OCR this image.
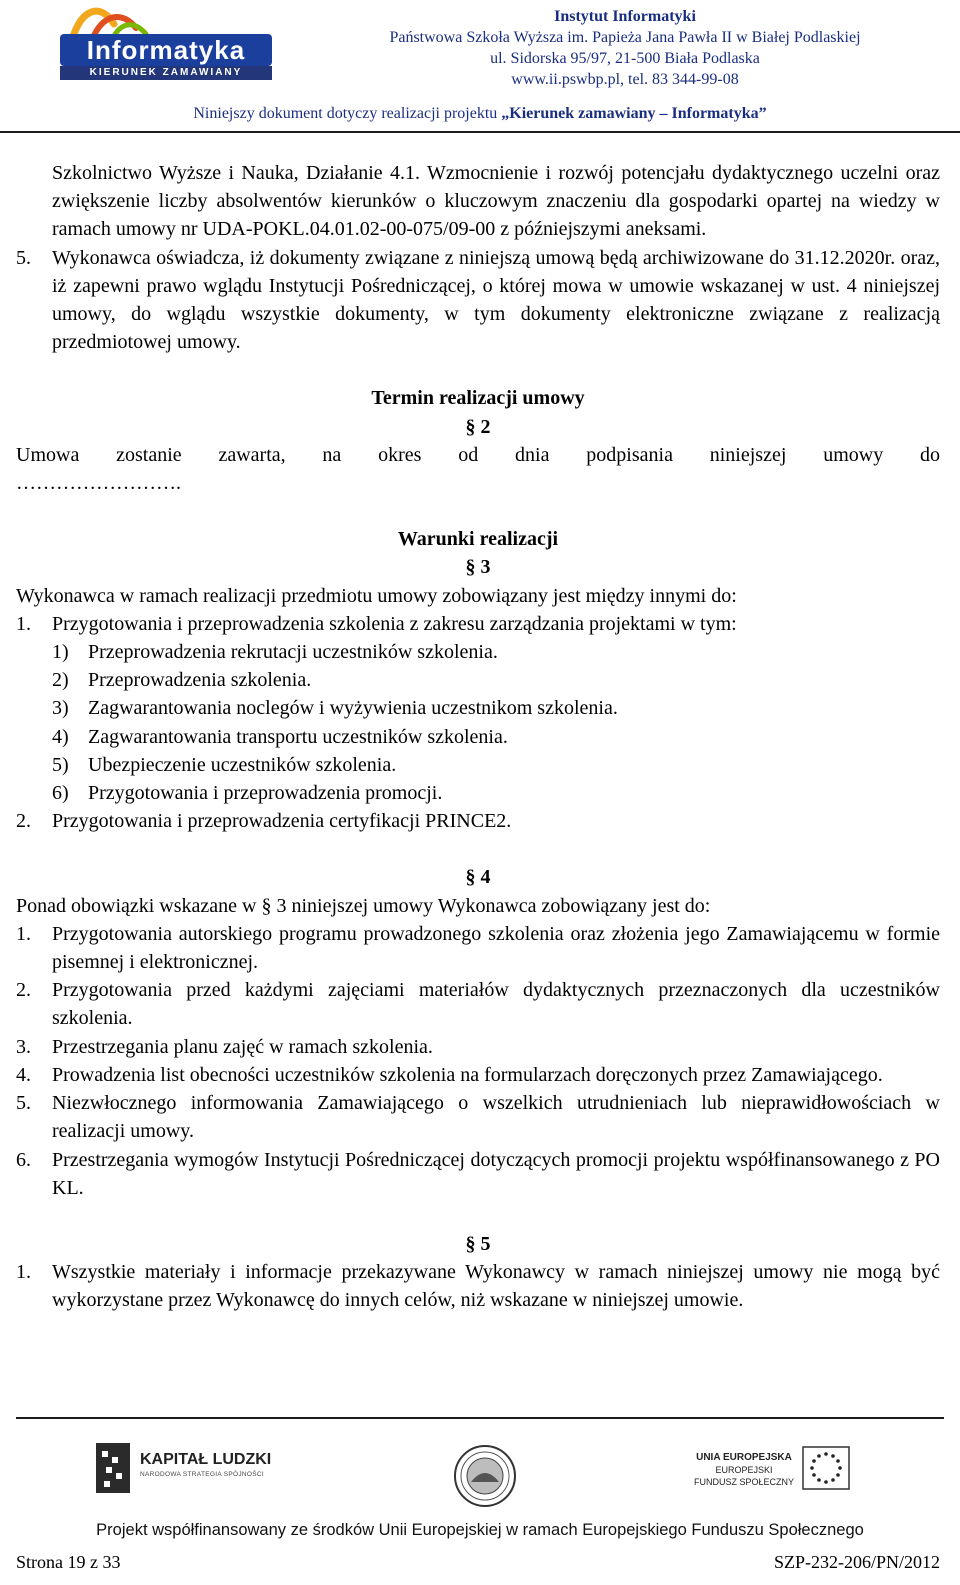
Informatyka
KIERUNEK ZAMAWIANY
Instytut Informatyki
Państwowa Szkoła Wyższa im. Papieża Jana Pawła II w Białej Podlaskiej
ul. Sidorska 95/97, 21-500 Biała Podlaska
www.ii.pswbp.pl, tel. 83 344-99-08
Niniejszy dokument dotyczy realizacji projektu „Kierunek zamawiany – Informatyka”

Szkolnictwo Wyższe i Nauka, Działanie 4.1. Wzmocnienie i rozwój potencjału dydaktycznego uczelni oraz zwiększenie liczby absolwentów kierunków o kluczowym znaczeniu dla gospodarki opartej na wiedzy w ramach umowy nr UDA-POKL.04.01.02-00-075/09-00 z późniejszymi aneksami.

5.	Wykonawca oświadcza, iż dokumenty związane z niniejszą umową będą archiwizowane do 31.12.2020r. oraz, iż zapewni prawo wglądu Instytucji Pośredniczącej, o której mowa w umowie wskazanej w ust. 4 niniejszej umowy, do wglądu wszystkie dokumenty, w tym dokumenty elektroniczne związane z realizacją przedmiotowej umowy.

Termin realizacji umowy

§ 2

Umowa zostanie zawarta, na okres od dnia podpisania niniejszej umowy do

…………………….

Warunki realizacji

§ 3

Wykonawca w ramach realizacji przedmiotu umowy zobowiązany jest między innymi do:

1.	Przygotowania i przeprowadzenia szkolenia z zakresu zarządzania projektami w tym:
1) Przeprowadzenia rekrutacji uczestników szkolenia.
2) Przeprowadzenia szkolenia.
3) Zagwarantowania noclegów i wyżywienia uczestnikom szkolenia.
4) Zagwarantowania transportu uczestników szkolenia.
5) Ubezpieczenie uczestników szkolenia.
6) Przygotowania i przeprowadzenia promocji.
2.	Przygotowania i przeprowadzenia certyfikacji PRINCE2.

§ 4

Ponad obowiązki wskazane w § 3 niniejszej umowy Wykonawca zobowiązany jest do:

1.	Przygotowania autorskiego programu prowadzonego szkolenia oraz złożenia jego Zamawiającemu w formie pisemnej i elektronicznej.
2.	Przygotowania przed każdymi zajęciami materiałów dydaktycznych przeznaczonych dla uczestników szkolenia.
3.	Przestrzegania planu zajęć w ramach szkolenia.
4.	Prowadzenia list obecności uczestników szkolenia na formularzach doręczonych przez Zamawiającego.
5.	Niezwłocznego informowania Zamawiającego o wszelkich utrudnieniach lub nieprawidłowościach w realizacji umowy.
6.	Przestrzegania wymogów Instytucji Pośredniczącej dotyczących promocji projektu współfinansowanego z PO KL.

§ 5

1.	Wszystkie materiały i informacje przekazywane Wykonawcy w ramach niniejszej umowy nie mogą być wykorzystane przez Wykonawcę do innych celów, niż wskazane w niniejszej umowie.
KAPITAŁ LUDZKI
NARODOWA STRATEGIA SPÓJNOŚCI
UNIA EUROPEJSKA
EUROPEJSKI
FUNDUSZ SPOŁECZNY
Projekt współfinansowany ze środków Unii Europejskiej w ramach Europejskiego Funduszu Społecznego
Strona 19 z 33	SZP-232-206/PN/2012
